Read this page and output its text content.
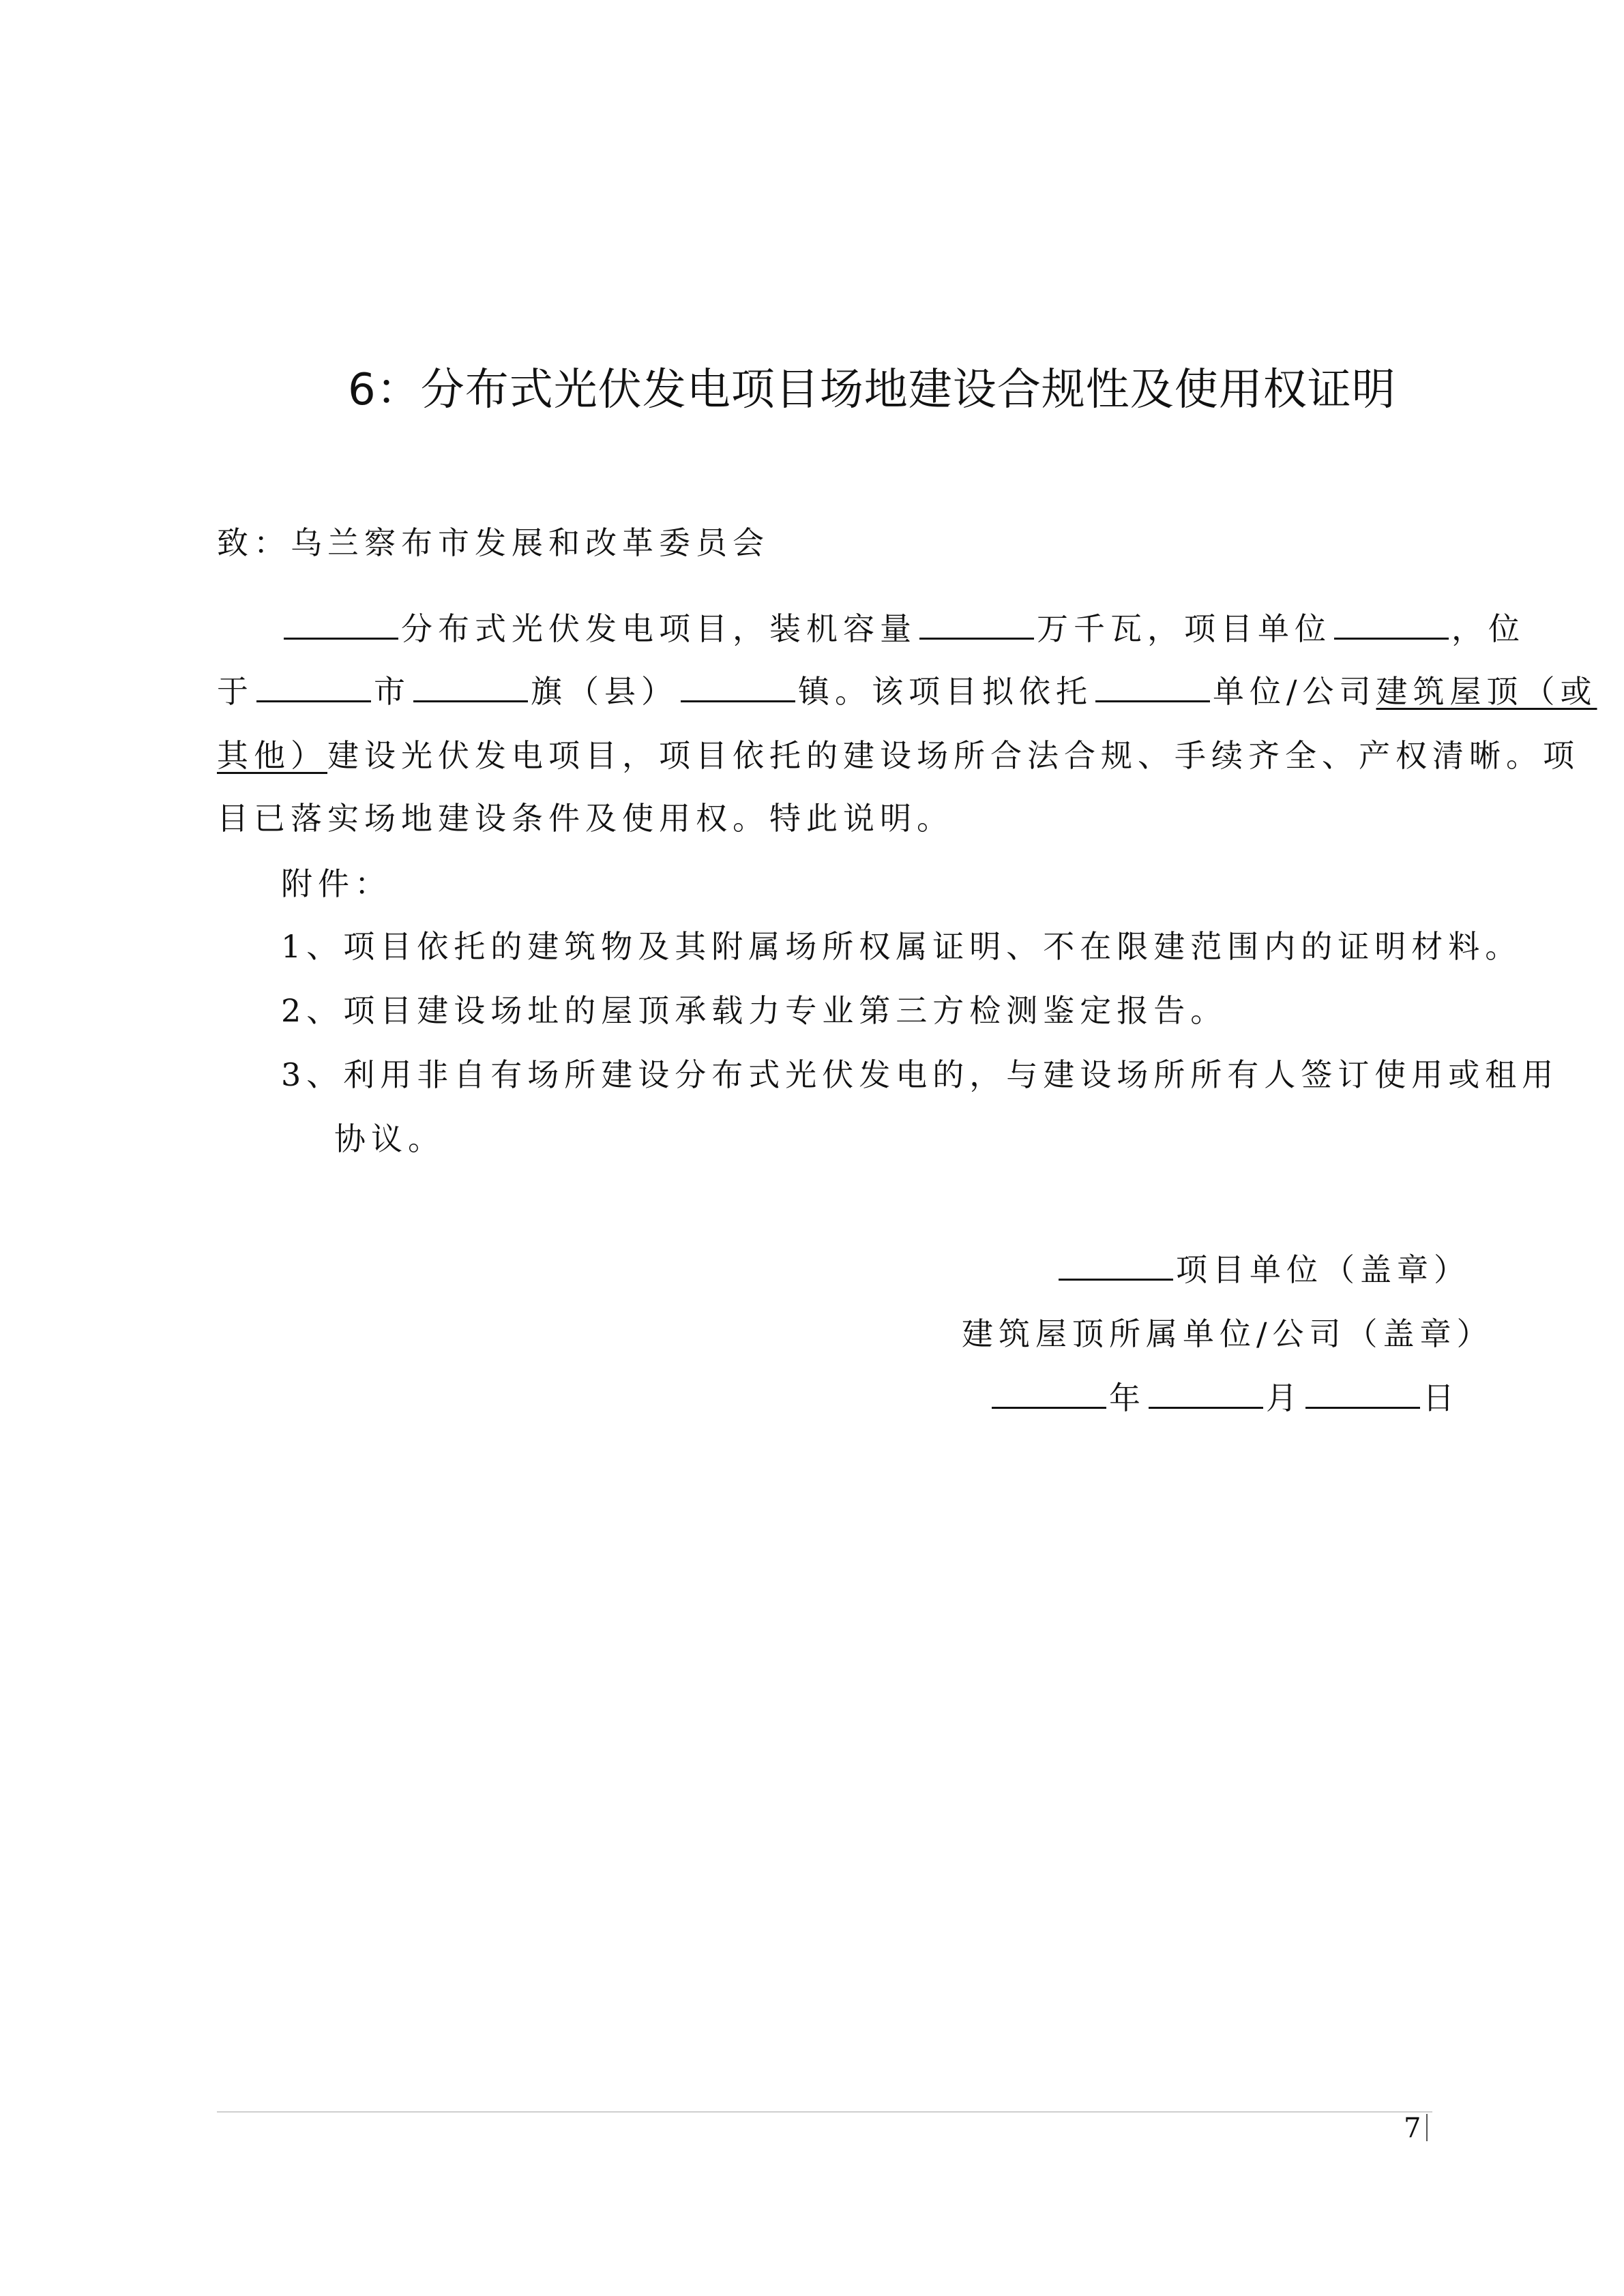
6：分布式光伏发电项目场地建设合规性及使用权证明
致：乌兰察布市发展和改革委员会
分布式光伏发电项目，装机容量	万千瓦，项目单位	，位
于	市	旗（县）	镇。该项目拟依托	单位/公司建筑屋顶（或
其他）建设光伏发电项目，项目依托的建设场所合法合规、手续齐全、产权清晰。项
目已落实场地建设条件及使用权。特此说明。
附件：
1、项目依托的建筑物及其附属场所权属证明、不在限建范围内的证明材料。
2、项目建设场址的屋顶承载力专业第三方检测鉴定报告。
3、利用非自有场所建设分布式光伏发电的，与建设场所所有人签订使用或租用
协议。
项目单位（盖章）
建筑屋顶所属单位/公司（盖章）
年	月	日
7
